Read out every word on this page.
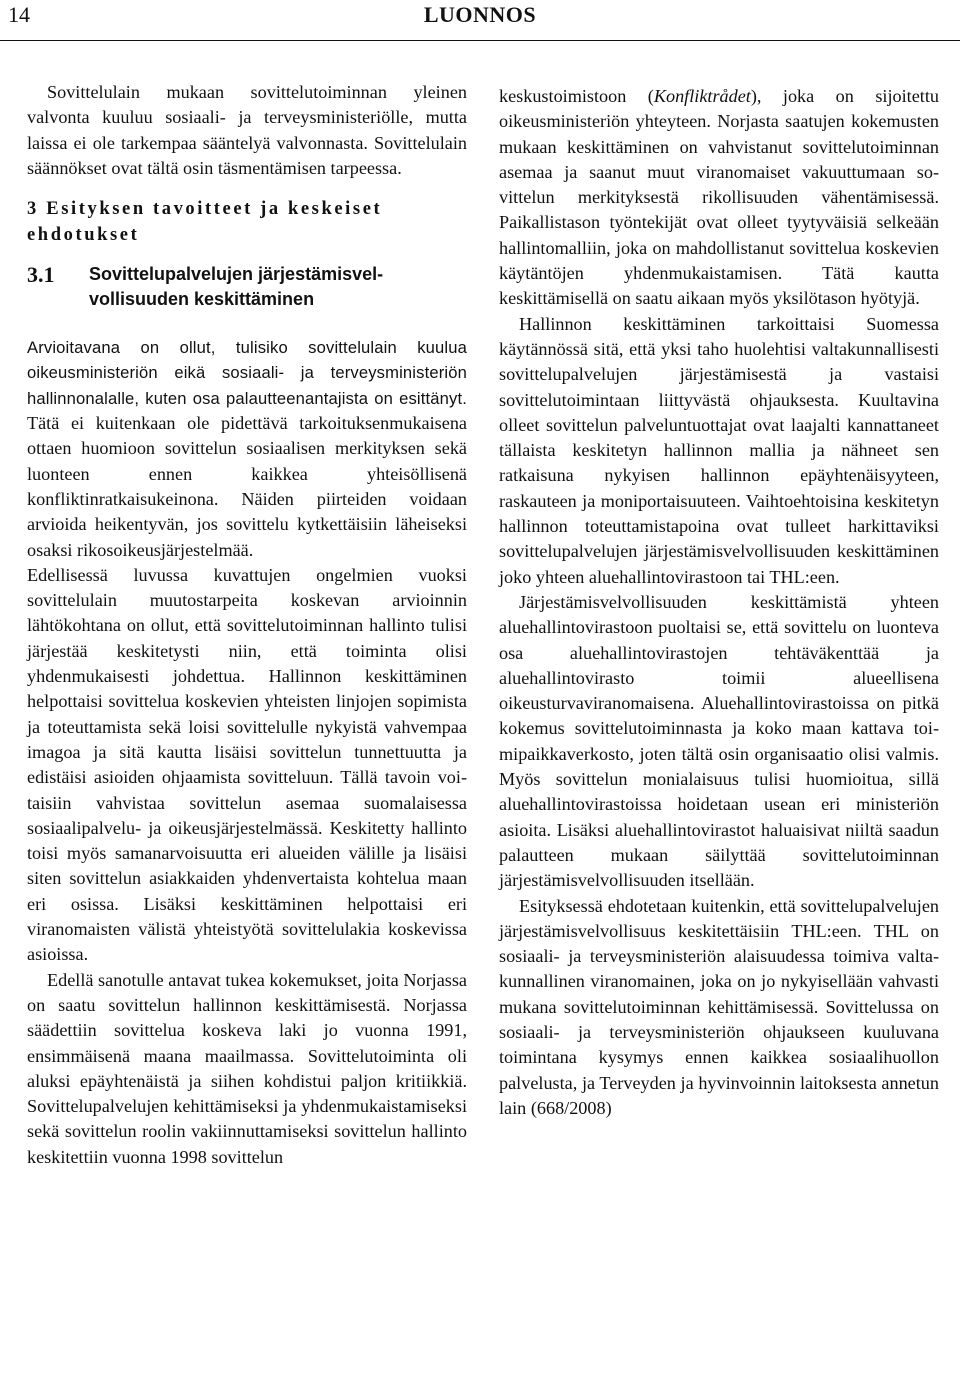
14	LUONNOS

Sovittelulain mukaan sovittelutoiminnan yleinen valvonta kuuluu sosiaali- ja terveysministeriölle, mutta laissa ei ole tarkempaa sääntelyä valvonnasta. Sovittelulain säännökset ovat tältä osin täsmentämisen tarpeessa.

3 Esityksen tavoitteet ja keskeiset ehdotukset
3.1	Sovittelupalvelujen järjestämisvelvollisuuden keskittäminen

Arvioitavana on ollut, tulisiko sovittelulain kuulua oikeusministeriön eikä sosiaali- ja terveysministeriön hallinnonalalle, kuten osa palautteenantajista on esittänyt. Tätä ei kuitenkaan ole pidettävä tarkoituksenmukaisena ottaen huomioon sovittelun sosiaalisen merkityksen sekä luonteen ennen kaikkea yhteisöllisenä konfliktinratkaisukeinona. Näiden piirteiden voidaan arvioida heikentyvän, jos sovittelu kytkettäisiin läheiseksi osaksi rikosoikeusjärjestelmää.

Edellisessä luvussa kuvattujen ongelmien vuoksi sovittelulain muutostarpeita koskevan arvioinnin lähtökohtana on ollut, että sovittelutoiminnan hallinto tulisi järjestää keskitetysti niin, että toiminta olisi yhdenmukaisesti johdettua. Hallinnon keskittäminen helpottaisi sovittelua koskevien yhteisten linjojen sopimista ja toteuttamista sekä loisi sovittelulle nykyistä vahvempaa imagoa ja sitä kautta lisäisi sovittelun tunnettuutta ja edistäisi asioiden ohjaamista sovitteluun. Tällä tavoin voitaisiin vahvistaa sovittelun asemaa suomalaisessa sosiaalipalvelu- ja oikeusjärjestelmässä. Keskitetty hallinto toisi myös samanarvoisuutta eri alueiden välille ja lisäisi siten sovittelun asiakkaiden yhdenvertaista kohtelua maan eri osissa. Lisäksi keskittäminen helpottaisi eri viranomaisten välistä yhteistyötä sovittelulakia koskevissa asioissa.

Edellä sanotulle antavat tukea kokemukset, joita Norjassa on saatu sovittelun hallinnon keskittämisestä. Norjassa säädettiin sovittelua koskeva laki jo vuonna 1991, ensimmäisenä maana maailmassa. Sovittelutoiminta oli aluksi epäyhtenäistä ja siihen kohdistui paljon kritiikkiä. Sovittelupalvelujen kehittämiseksi ja yhdenmukaistamiseksi sekä sovittelun roolin vakiinnuttamiseksi sovittelun hallinto keskitettiin vuonna 1998 sovittelun

keskustoimistoon (Konfliktrådet), joka on sijoitettu oikeusministeriön yhteyteen. Norjasta saatujen kokemusten mukaan keskittäminen on vahvistanut sovittelutoiminnan asemaa ja saanut muut viranomaiset vakuuttumaan sovittelun merkityksestä rikollisuuden vähentämisessä. Paikallistason työntekijät ovat olleet tyytyväisiä selkeään hallintomalliin, joka on mahdollistanut sovittelua koskevien käytäntöjen yhdenmukaistamisen. Tätä kautta keskittämisellä on saatu aikaan myös yksilötason hyötyjä.

Hallinnon keskittäminen tarkoittaisi Suomessa käytännössä sitä, että yksi taho huolehtisi valtakunnallisesti sovittelupalvelujen järjestämisestä ja vastaisi sovittelutoimintaan liittyvästä ohjauksesta. Kuultavina olleet sovittelun palveluntuottajat ovat laajalti kannattaneet tällaista keskitetyn hallinnon mallia ja nähneet sen ratkaisuna nykyisen hallinnon epäyhtenäisyyteen, raskauteen ja moniportaisuuteen. Vaihtoehtoisina keskitetyn hallinnon toteuttamistapoina ovat tulleet harkittaviksi sovittelupalvelujen järjestämisvelvollisuuden keskittäminen joko yhteen aluehallintovirastoon tai THL:een.

Järjestämisvelvollisuuden keskittämistä yhteen aluehallintovirastoon puoltaisi se, että sovittelu on luonteva osa aluehallintovirastojen tehtäväkenttää ja aluehallintovirasto toimii alueellisena oikeusturvaviranomaisena. Aluehallintovirastoissa on pitkä kokemus sovittelutoiminnasta ja koko maan kattava toimipaikkaverkosto, joten tältä osin organisaatio olisi valmis. Myös sovittelun monialaisuus tulisi huomioitua, sillä aluehallintovirastoissa hoidetaan usean eri ministeriön asioita. Lisäksi aluehallintovirastot haluaisivat niiltä saadun palautteen mukaan säilyttää sovittelutoiminnan järjestämisvelvollisuuden itsellään.

Esityksessä ehdotetaan kuitenkin, että sovittelupalvelujen järjestämisvelvollisuus keskitettäisiin THL:een. THL on sosiaali- ja terveysministeriön alaisuudessa toimiva valtakunnallinen viranomainen, joka on jo nykyisellään vahvasti mukana sovittelutoiminnan kehittämisessä. Sovittelussa on sosiaali- ja terveysministeriön ohjaukseen kuuluvana toimintana kysymys ennen kaikkea sosiaalihuollon palvelusta, ja Terveyden ja hyvinvoinnin laitoksesta annetun lain (668/2008)
